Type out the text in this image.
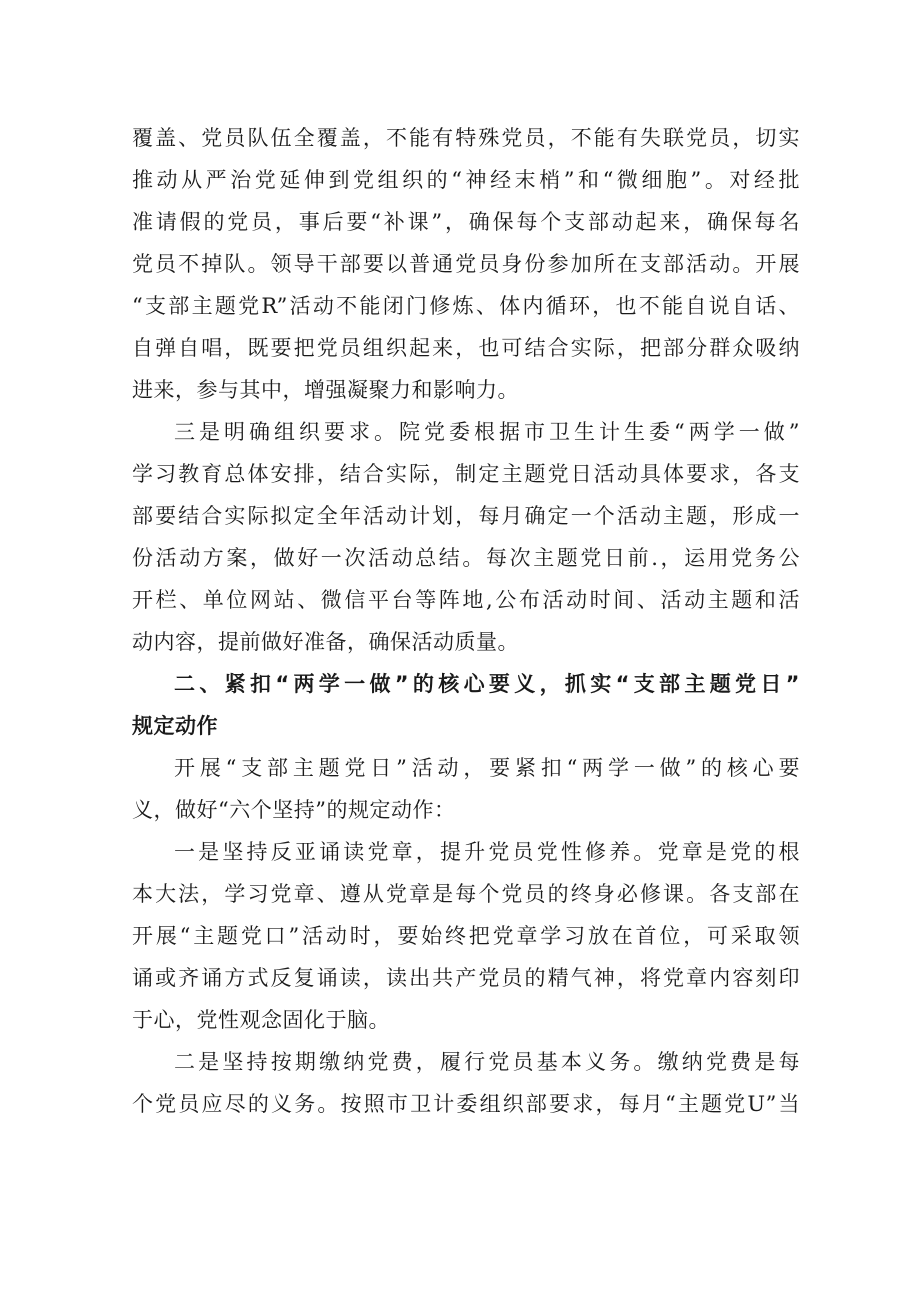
覆盖、党员队伍全覆盖，不能有特殊党员，不能有失联党员，切实
推动从严治党延伸到党组织的“神经末梢”和“微细胞”。对经批
准请假的党员，事后要“补课”，确保每个支部动起来，确保每名
党员不掉队。领导干部要以普通党员身份参加所在支部活动。开展
“支部主题党R”活动不能闭门修炼、体内循环，也不能自说自话、
自弹自唱，既要把党员组织起来，也可结合实际，把部分群众吸纳
进来，参与其中，增强凝聚力和影响力。
三是明确组织要求。院党委根据市卫生计生委“两学一做”
学习教育总体安排，结合实际，制定主题党日活动具体要求，各支
部要结合实际拟定全年活动计划，每月确定一个活动主题，形成一
份活动方案，做好一次活动总结。每次主题党日前.，运用党务公
开栏、单位网站、微信平台等阵地,公布活动时间、活动主题和活
动内容，提前做好准备，确保活动质量。
二、紧扣“两学一做”的核心要义，抓实“支部主题党日”
规定动作
开展“支部主题党日”活动，要紧扣“两学一做”的核心要
义，做好“六个坚持”的规定动作：
一是坚持反亚诵读党章，提升党员党性修养。党章是党的根
本大法，学习党章、遵从党章是每个党员的终身必修课。各支部在
开展“主题党口”活动时，要始终把党章学习放在首位，可采取领
诵或齐诵方式反复诵读，读出共产党员的精气神，将党章内容刻印
于心，党性观念固化于脑。
二是坚持按期缴纳党费，履行党员基本义务。缴纳党费是每
个党员应尽的义务。按照市卫计委组织部要求，每月“主题党U”当
